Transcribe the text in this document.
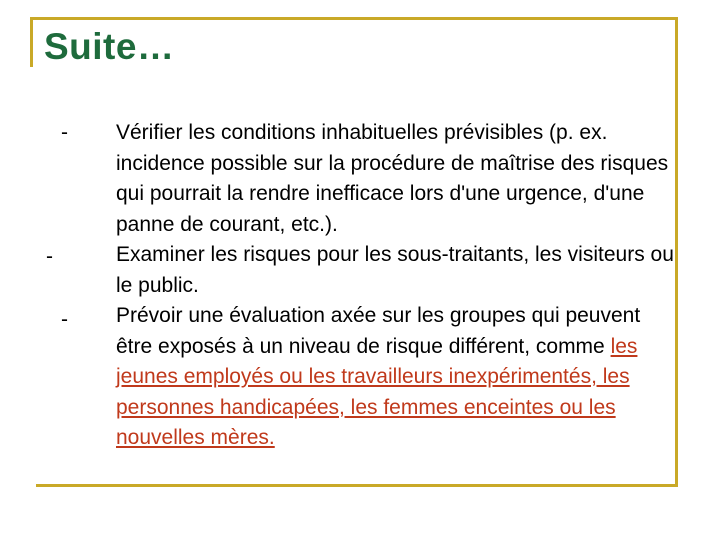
Suite…
-
-
-
Vérifier les conditions inhabituelles prévisibles (p. ex. incidence possible sur la procédure de maîtrise des risques qui pourrait la rendre inefficace lors d'une urgence, d'une panne de courant, etc.).
Examiner les risques pour les sous-traitants, les visiteurs ou le public.
Prévoir une évaluation axée sur les groupes qui peuvent être exposés à un niveau de risque différent, comme les jeunes employés ou les travailleurs inexpérimentés, les personnes handicapées, les femmes enceintes ou les nouvelles mères.
